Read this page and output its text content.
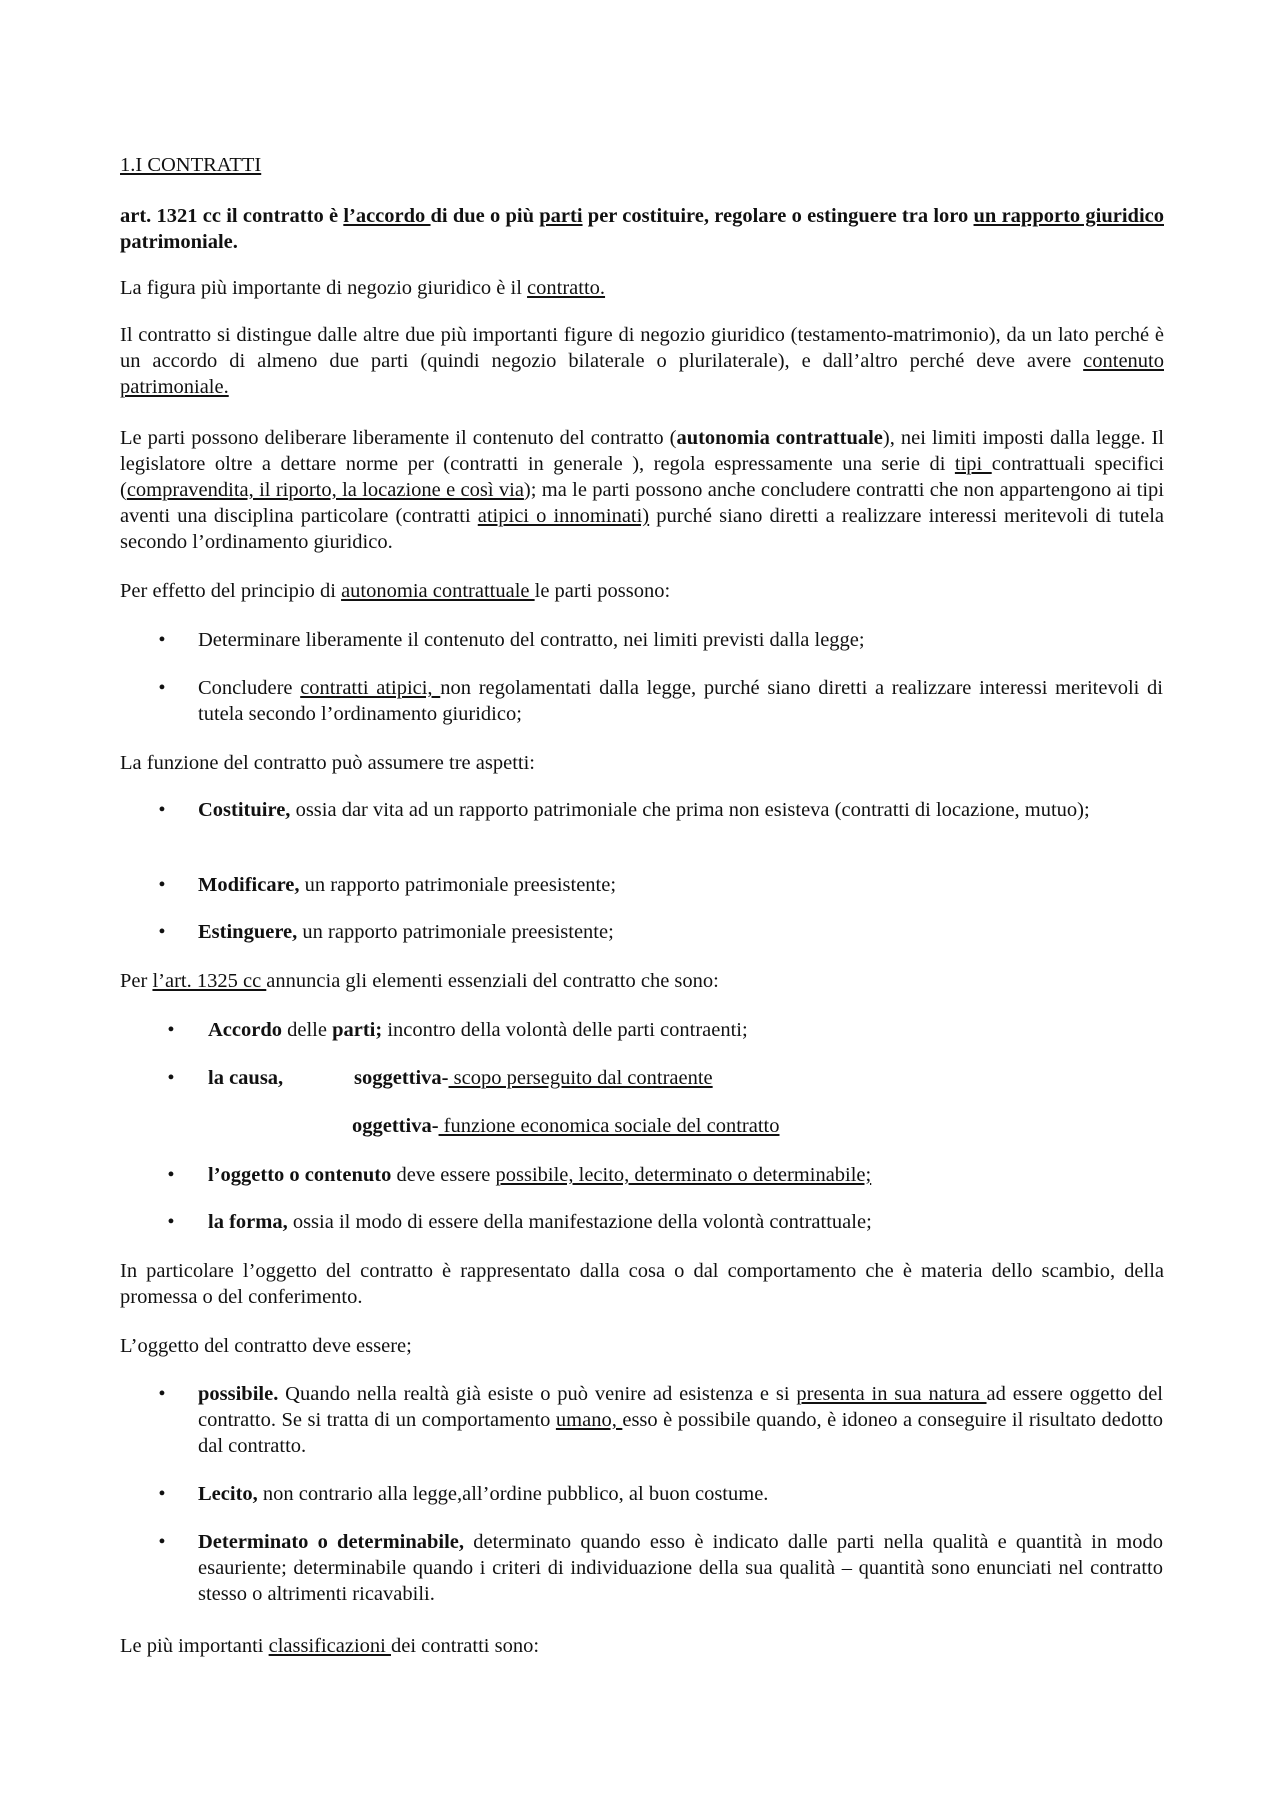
1.I CONTRATTI

art. 1321 cc il contratto è l’accordo di due o più parti per costituire, regolare o estinguere tra loro un rapporto giuridico patrimoniale.

La figura più importante di negozio giuridico è il contratto.

Il contratto si distingue dalle altre due più importanti figure di negozio giuridico (testamento-matrimonio), da un lato perché è un accordo di almeno due parti (quindi negozio bilaterale o plurilaterale), e dall’altro perché deve avere contenuto patrimoniale.

Le parti possono deliberare liberamente il contenuto del contratto (autonomia contrattuale), nei limiti imposti dalla legge. Il legislatore oltre a dettare norme per (contratti in generale ), regola espressamente una serie di tipi contrattuali specifici (compravendita, il riporto, la locazione e così via); ma le parti possono anche concludere contratti che non appartengono ai tipi aventi una disciplina particolare (contratti atipici o innominati) purché siano diretti a realizzare interessi meritevoli di tutela secondo l’ordinamento giuridico.

Per effetto del principio di autonomia contrattuale le parti possono:

•	Determinare liberamente il contenuto del contratto, nei limiti previsti dalla legge;

•	Concludere contratti atipici, non regolamentati dalla legge, purché siano diretti a realizzare interessi meritevoli di tutela secondo l’ordinamento giuridico;

La funzione del contratto può assumere tre aspetti:

•	Costituire, ossia dar vita ad un rapporto patrimoniale che prima non esisteva (contratti di locazione, mutuo);

•	Modificare, un rapporto patrimoniale preesistente;

•	Estinguere, un rapporto patrimoniale preesistente;

Per l’art. 1325 cc annuncia gli elementi essenziali del contratto che sono:

•	Accordo delle parti; incontro della volontà delle parti contraenti;

•	la causa,	soggettiva- scopo perseguito dal contraente

oggettiva- funzione economica sociale del contratto

•	l’oggetto o contenuto deve essere possibile, lecito, determinato o determinabile;

•	la forma, ossia il modo di essere della manifestazione della volontà contrattuale;

In particolare l’oggetto del contratto è rappresentato dalla cosa o dal comportamento che è materia dello scambio, della promessa o del conferimento.

L’oggetto del contratto deve essere;

•	possibile. Quando nella realtà già esiste o può venire ad esistenza e si presenta in sua natura ad essere oggetto del contratto. Se si tratta di un comportamento umano, esso è possibile quando, è idoneo a conseguire il risultato dedotto dal contratto.

•	Lecito, non contrario alla legge,all’ordine pubblico, al buon costume.

•	Determinato o determinabile, determinato quando esso è indicato dalle parti nella qualità e quantità in modo esauriente; determinabile quando i criteri di individuazione della sua qualità – quantità sono enunciati nel contratto stesso o altrimenti ricavabili.

Le più importanti classificazioni dei contratti sono:
